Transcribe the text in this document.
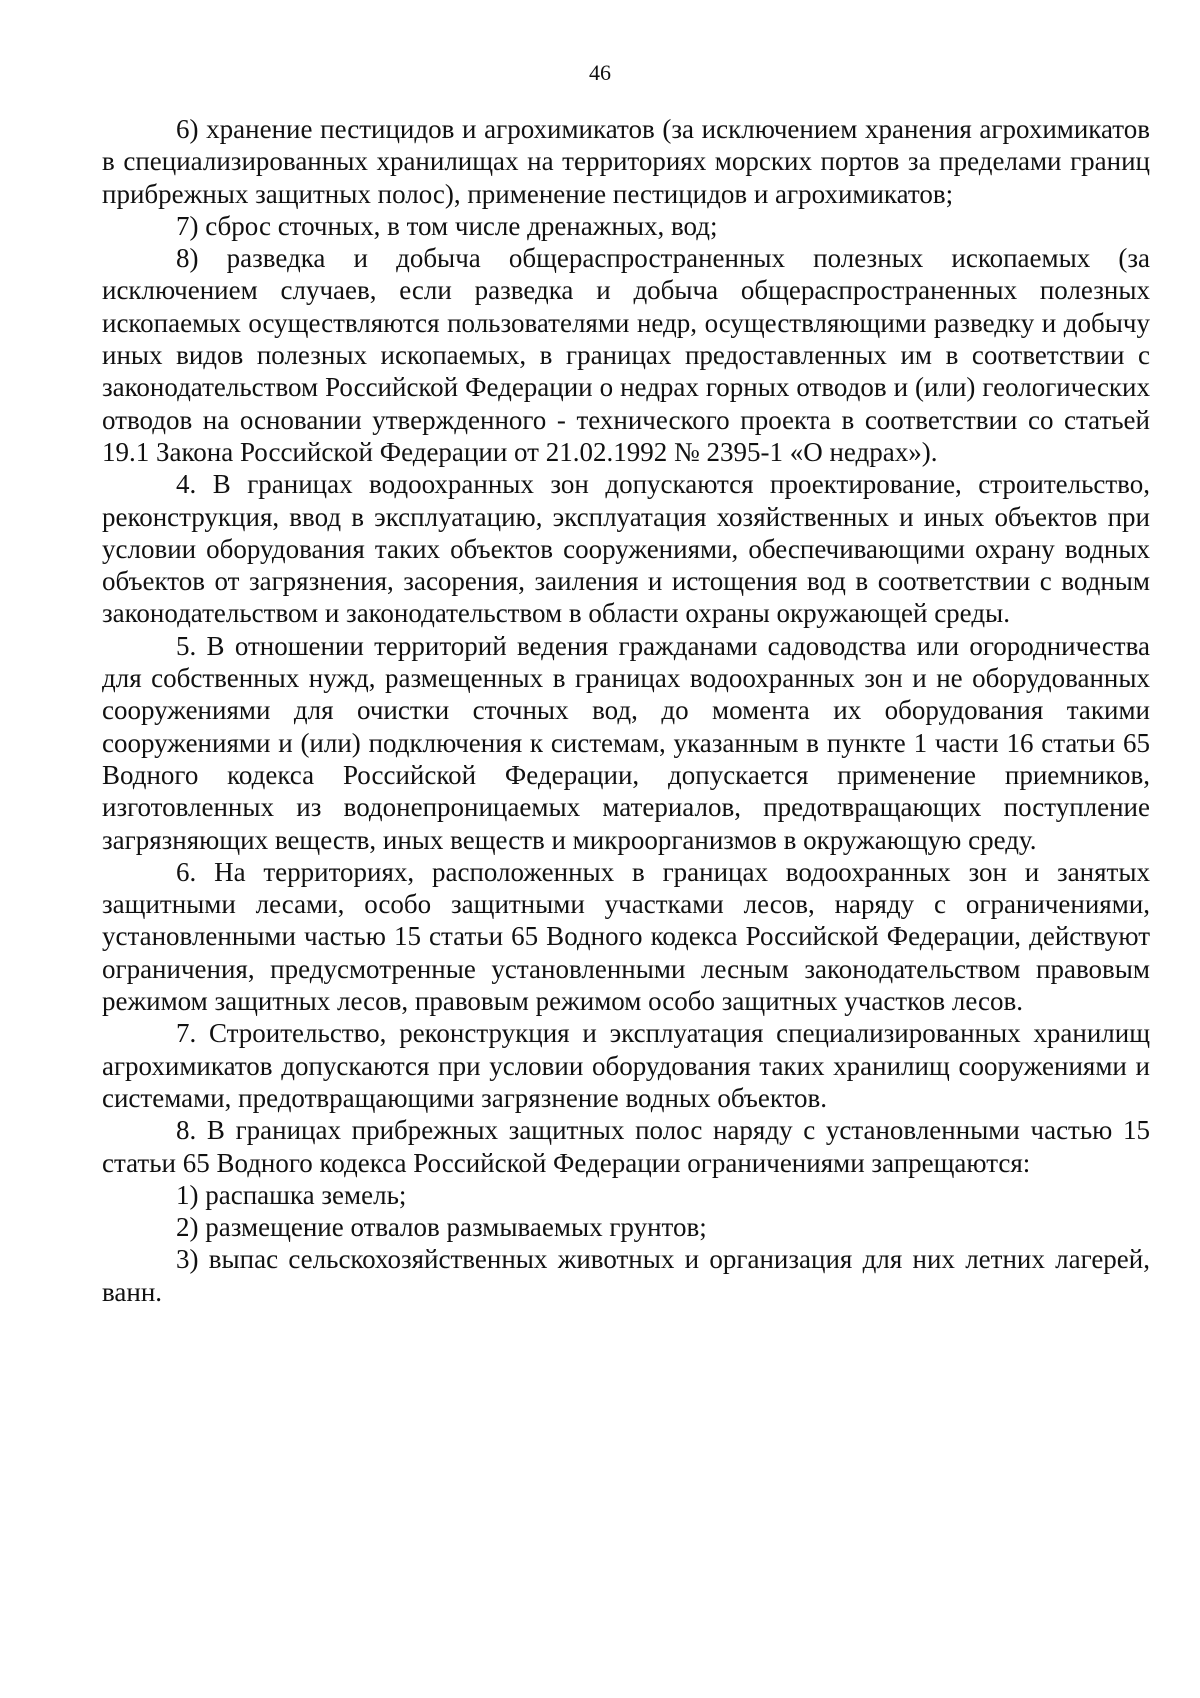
46

6) хранение пестицидов и агрохимикатов (за исключением хранения агрохимикатов в специализированных хранилищах на территориях морских портов за пределами границ прибрежных защитных полос), применение пестицидов и агрохимикатов;

7) сброс сточных, в том числе дренажных, вод;

8) разведка и добыча общераспространенных полезных ископаемых (за исключением случаев, если разведка и добыча общераспространенных полезных ископаемых осуществляются пользователями недр, осуществляющими разведку и добычу иных видов полезных ископаемых, в границах предоставленных им в соответствии с законодательством Российской Федерации о недрах горных отводов и (или) геологических отводов на основании утвержденного - технического проекта в соответствии со статьей 19.1 Закона Российской Федерации от 21.02.1992 № 2395-1 «О недрах»).

4. В границах водоохранных зон допускаются проектирование, строительство, реконструкция, ввод в эксплуатацию, эксплуатация хозяйственных и иных объектов при условии оборудования таких объектов сооружениями, обеспечивающими охрану водных объектов от загрязнения, засорения, заиления и истощения вод в соответствии с водным законодательством и законодательством в области охраны окружающей среды.

5. В отношении территорий ведения гражданами садоводства или огородничества для собственных нужд, размещенных в границах водоохранных зон и не оборудованных сооружениями для очистки сточных вод, до момента их оборудования такими сооружениями и (или) подключения к системам, указанным в пункте 1 части 16 статьи 65 Водного кодекса Российской Федерации, допускается применение приемников, изготовленных из водонепроницаемых материалов, предотвращающих поступление загрязняющих веществ, иных веществ и микроорганизмов в окружающую среду.

6. На территориях, расположенных в границах водоохранных зон и занятых защитными лесами, особо защитными участками лесов, наряду с ограничениями, установленными частью 15 статьи 65 Водного кодекса Российской Федерации, действуют ограничения, предусмотренные установленными лесным законодательством правовым режимом защитных лесов, правовым режимом особо защитных участков лесов.

7. Строительство, реконструкция и эксплуатация специализированных хранилищ агрохимикатов допускаются при условии оборудования таких хранилищ сооружениями и системами, предотвращающими загрязнение водных объектов.

8. В границах прибрежных защитных полос наряду с установленными частью 15 статьи 65 Водного кодекса Российской Федерации ограничениями запрещаются:

1) распашка земель;

2) размещение отвалов размываемых грунтов;

3) выпас сельскохозяйственных животных и организация для них летних лагерей, ванн.
